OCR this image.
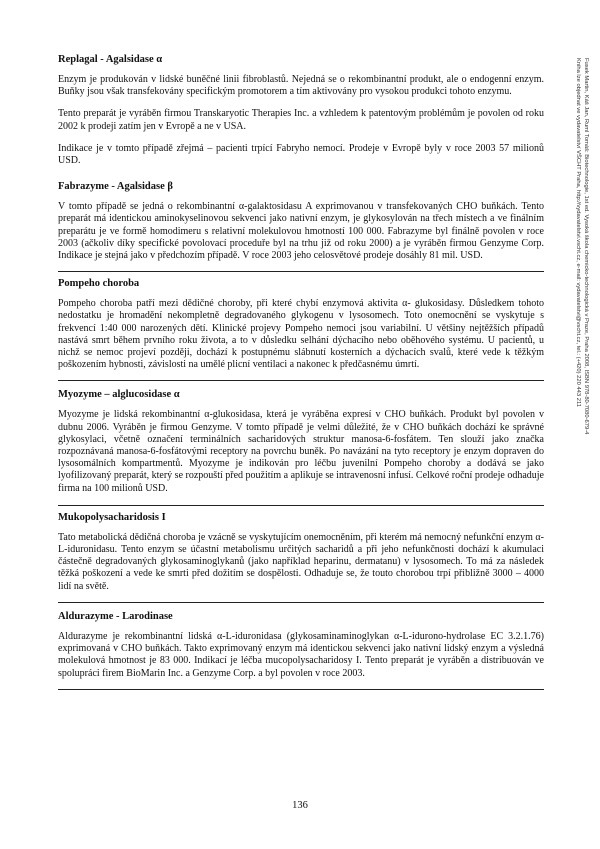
Replagal - Agalsidase α

Enzym je produkován v lidské buněčné linii fibroblastů. Nejedná se o rekombinantní produkt, ale o endogenní enzym. Buňky jsou však transfekovány specifickým promotorem a tím aktivovány pro vysokou produkci tohoto enzymu.

Tento preparát je vyráběn firmou Transkaryotic Therapies Inc. a vzhledem k patentovým problémům je povolen od roku 2002 k prodeji zatím jen v Evropě a ne v USA.

Indikace je v tomto případě zřejmá – pacienti trpící Fabryho nemocí. Prodeje v Evropě byly v roce 2003 57 milionů USD.

Fabrazyme - Agalsidase β

V tomto případě se jedná o rekombinantní α-galaktosidasu A exprimovanou v transfekovaných CHO buňkách. Tento preparát má identickou aminokyselinovou sekvenci jako nativní enzym, je glykosylován na třech místech a ve finálním preparátu je ve formě homodimeru s relativní molekulovou hmotností 100 000. Fabrazyme byl finálně povolen v roce 2003 (ačkoliv díky specifické povolovací proceduře byl na trhu již od roku 2000) a je vyráběn firmou Genzyme Corp. Indikace je stejná jako v předchozím případě. V roce 2003 jeho celosvětové prodeje dosáhly 81 mil. USD.

Pompeho choroba

Pompeho choroba patří mezi dědičné choroby, při které chybí enzymová aktivita α- glukosidasy. Důsledkem tohoto nedostatku je hromadění nekompletně degradovaného glykogenu v lysosomech. Toto onemocnění se vyskytuje s frekvencí 1:40 000 narozených dětí. Klinické projevy Pompeho nemoci jsou variabilní. U většiny nejtěžších případů nastává smrt během prvního roku života, a to v důsledku selhání dýchacího nebo oběhového systému. U pacientů, u nichž se nemoc projeví později, dochází k postupnému slábnutí kosterních a dýchacích svalů, které vede k těžkým poškozením hybnosti, závislosti na umělé plicní ventilaci a nakonec k předčasnému úmrtí.

Myozyme – alglucosidase α

Myozyme je lidská rekombinantní α-glukosidasa, která je vyráběna expresí v CHO buňkách. Produkt byl povolen v dubnu 2006. Vyráběn je firmou Genzyme. V tomto případě je velmi důležité, že v CHO buňkách dochází ke správné glykosylaci, včetně označení terminálních sacharidových struktur manosa-6-fosfátem. Ten slouží jako značka rozpoznávaná manosa-6-fosfátovými receptory na povrchu buněk. Po navázání na tyto receptory je enzym dopraven do lysosomálních kompartmentů. Myozyme je indikován pro léčbu juvenilní Pompeho choroby a dodává se jako lyofilizovaný preparát, který se rozpouští před použitím a aplikuje se intravenosní infusí. Celkové roční prodeje odhaduje firma na 100 milionů USD.

Mukopolysacharidosis I

Tato metabolická dědičná choroba je vzácně se vyskytujícím onemocněním, při kterém má nemocný nefunkční enzym α-L-iduronidasu. Tento enzym se účastní metabolismu určitých sacharidů a při jeho nefunkčnosti dochází k akumulaci částečně degradovaných glykosaminoglykanů (jako například heparinu, dermatanu) v lysosomech. To má za následek těžká poškození a vede ke smrti před dožitím se dospělosti. Odhaduje se, že touto chorobou trpí přibližně 3000 – 4000 lidí na světě.

Aldurazyme - Larodinase

Aldurazyme je rekombinantní lidská α-L-iduronidasa (glykosaminaminoglykan α-L-idurono-hydrolase EC 3.2.1.76) exprimovaná v CHO buňkách. Takto exprimovaný enzym má identickou sekvenci jako nativní lidský enzym a výsledná molekulová hmotnost je 83 000. Indikací je léčba mucopolysacharidosy I. Tento preparát je vyráběn a distribuován ve spolupráci firem BioMarin Inc. a Genzyme Corp. a byl povolen v roce 2003.

136
Fusek Martin, Káš Jan, Ruml Tomáš: Biotechnologie, 1st ed. Vysoká škola chemicko-technologická v Praze, Praha 2008, ISBN 978-80-7080-679-4
Kniha lze objednat ve vydavatelství VŠCHT Praha, http://vydavatelstvi.vscht.cz, e-mail: vydavatelstvi@vscht.cz, tel.: (+420) 220 443 211
